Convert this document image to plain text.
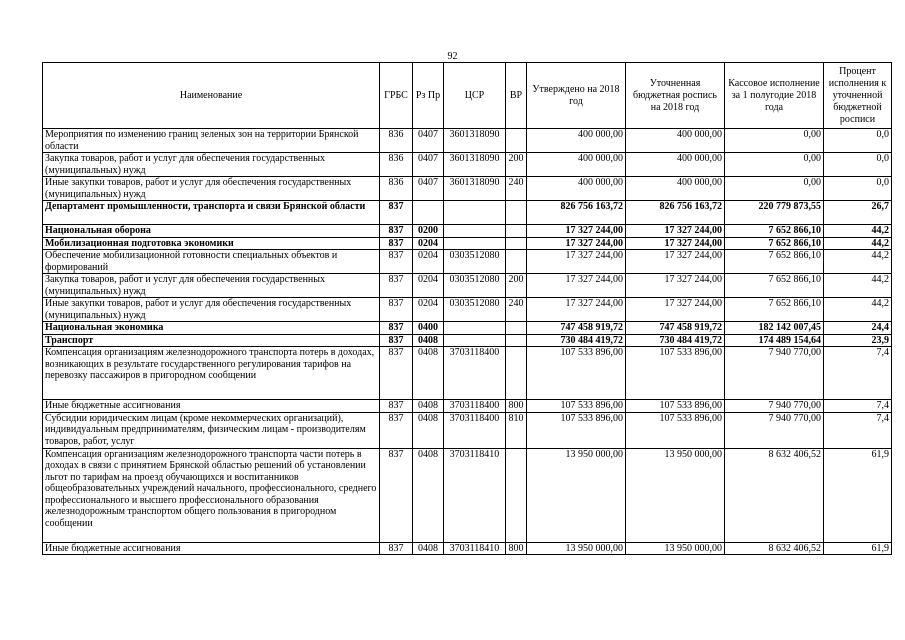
92
Наименование	ГРБС	Рз Пр	ЦСР	ВР	Утверждено на 2018 год	Уточненная бюджетная роспись на 2018 год	Кассовое исполнение за 1 полугодие 2018 года	Процент исполнения к уточненной бюджетной росписи
Мероприятия по изменению границ зеленых зон на территории Брянской области	836	0407	3601318090		400 000,00	400 000,00	0,00	0,0
Закупка товаров, работ и услуг для обеспечения государственных (муниципальных) нужд	836	0407	3601318090	200	400 000,00	400 000,00	0,00	0,0
Иные закупки товаров, работ и услуг для обеспечения государственных (муниципальных) нужд	836	0407	3601318090	240	400 000,00	400 000,00	0,00	0,0
Департамент промышленности, транспорта и связи Брянской области	837				826 756 163,72	826 756 163,72	220 779 873,55	26,7
Национальная оборона	837	0200			17 327 244,00	17 327 244,00	7 652 866,10	44,2
Мобилизационная подготовка экономики	837	0204			17 327 244,00	17 327 244,00	7 652 866,10	44,2
Обеспечение мобилизационной готовности специальных объектов и формирований	837	0204	0303512080		17 327 244,00	17 327 244,00	7 652 866,10	44,2
Закупка товаров, работ и услуг для обеспечения государственных (муниципальных) нужд	837	0204	0303512080	200	17 327 244,00	17 327 244,00	7 652 866,10	44,2
Иные закупки товаров, работ и услуг для обеспечения государственных (муниципальных) нужд	837	0204	0303512080	240	17 327 244,00	17 327 244,00	7 652 866,10	44,2
Национальная экономика	837	0400			747 458 919,72	747 458 919,72	182 142 007,45	24,4
Транспорт	837	0408			730 484 419,72	730 484 419,72	174 489 154,64	23,9
Компенсация организациям железнодорожного транспорта потерь в доходах, возникающих в результате государственного регулирования тарифов на перевозку пассажиров в пригородном сообщении	837	0408	3703118400		107 533 896,00	107 533 896,00	7 940 770,00	7,4
Иные бюджетные ассигнования	837	0408	3703118400	800	107 533 896,00	107 533 896,00	7 940 770,00	7,4
Субсидии юридическим лицам (кроме некоммерческих организаций), индивидуальным предпринимателям, физическим лицам - производителям товаров, работ, услуг	837	0408	3703118400	810	107 533 896,00	107 533 896,00	7 940 770,00	7,4
Компенсация организациям железнодорожного транспорта части потерь в доходах в связи с принятием Брянской областью решений об установлении льгот по тарифам на проезд обучающихся и воспитанников общеобразовательных учреждений начального, профессионального, среднего профессионального и высшего профессионального образования железнодорожным транспортом общего пользования в пригородном сообщении	837	0408	3703118410		13 950 000,00	13 950 000,00	8 632 406,52	61,9
Иные бюджетные ассигнования	837	0408	3703118410	800	13 950 000,00	13 950 000,00	8 632 406,52	61,9
